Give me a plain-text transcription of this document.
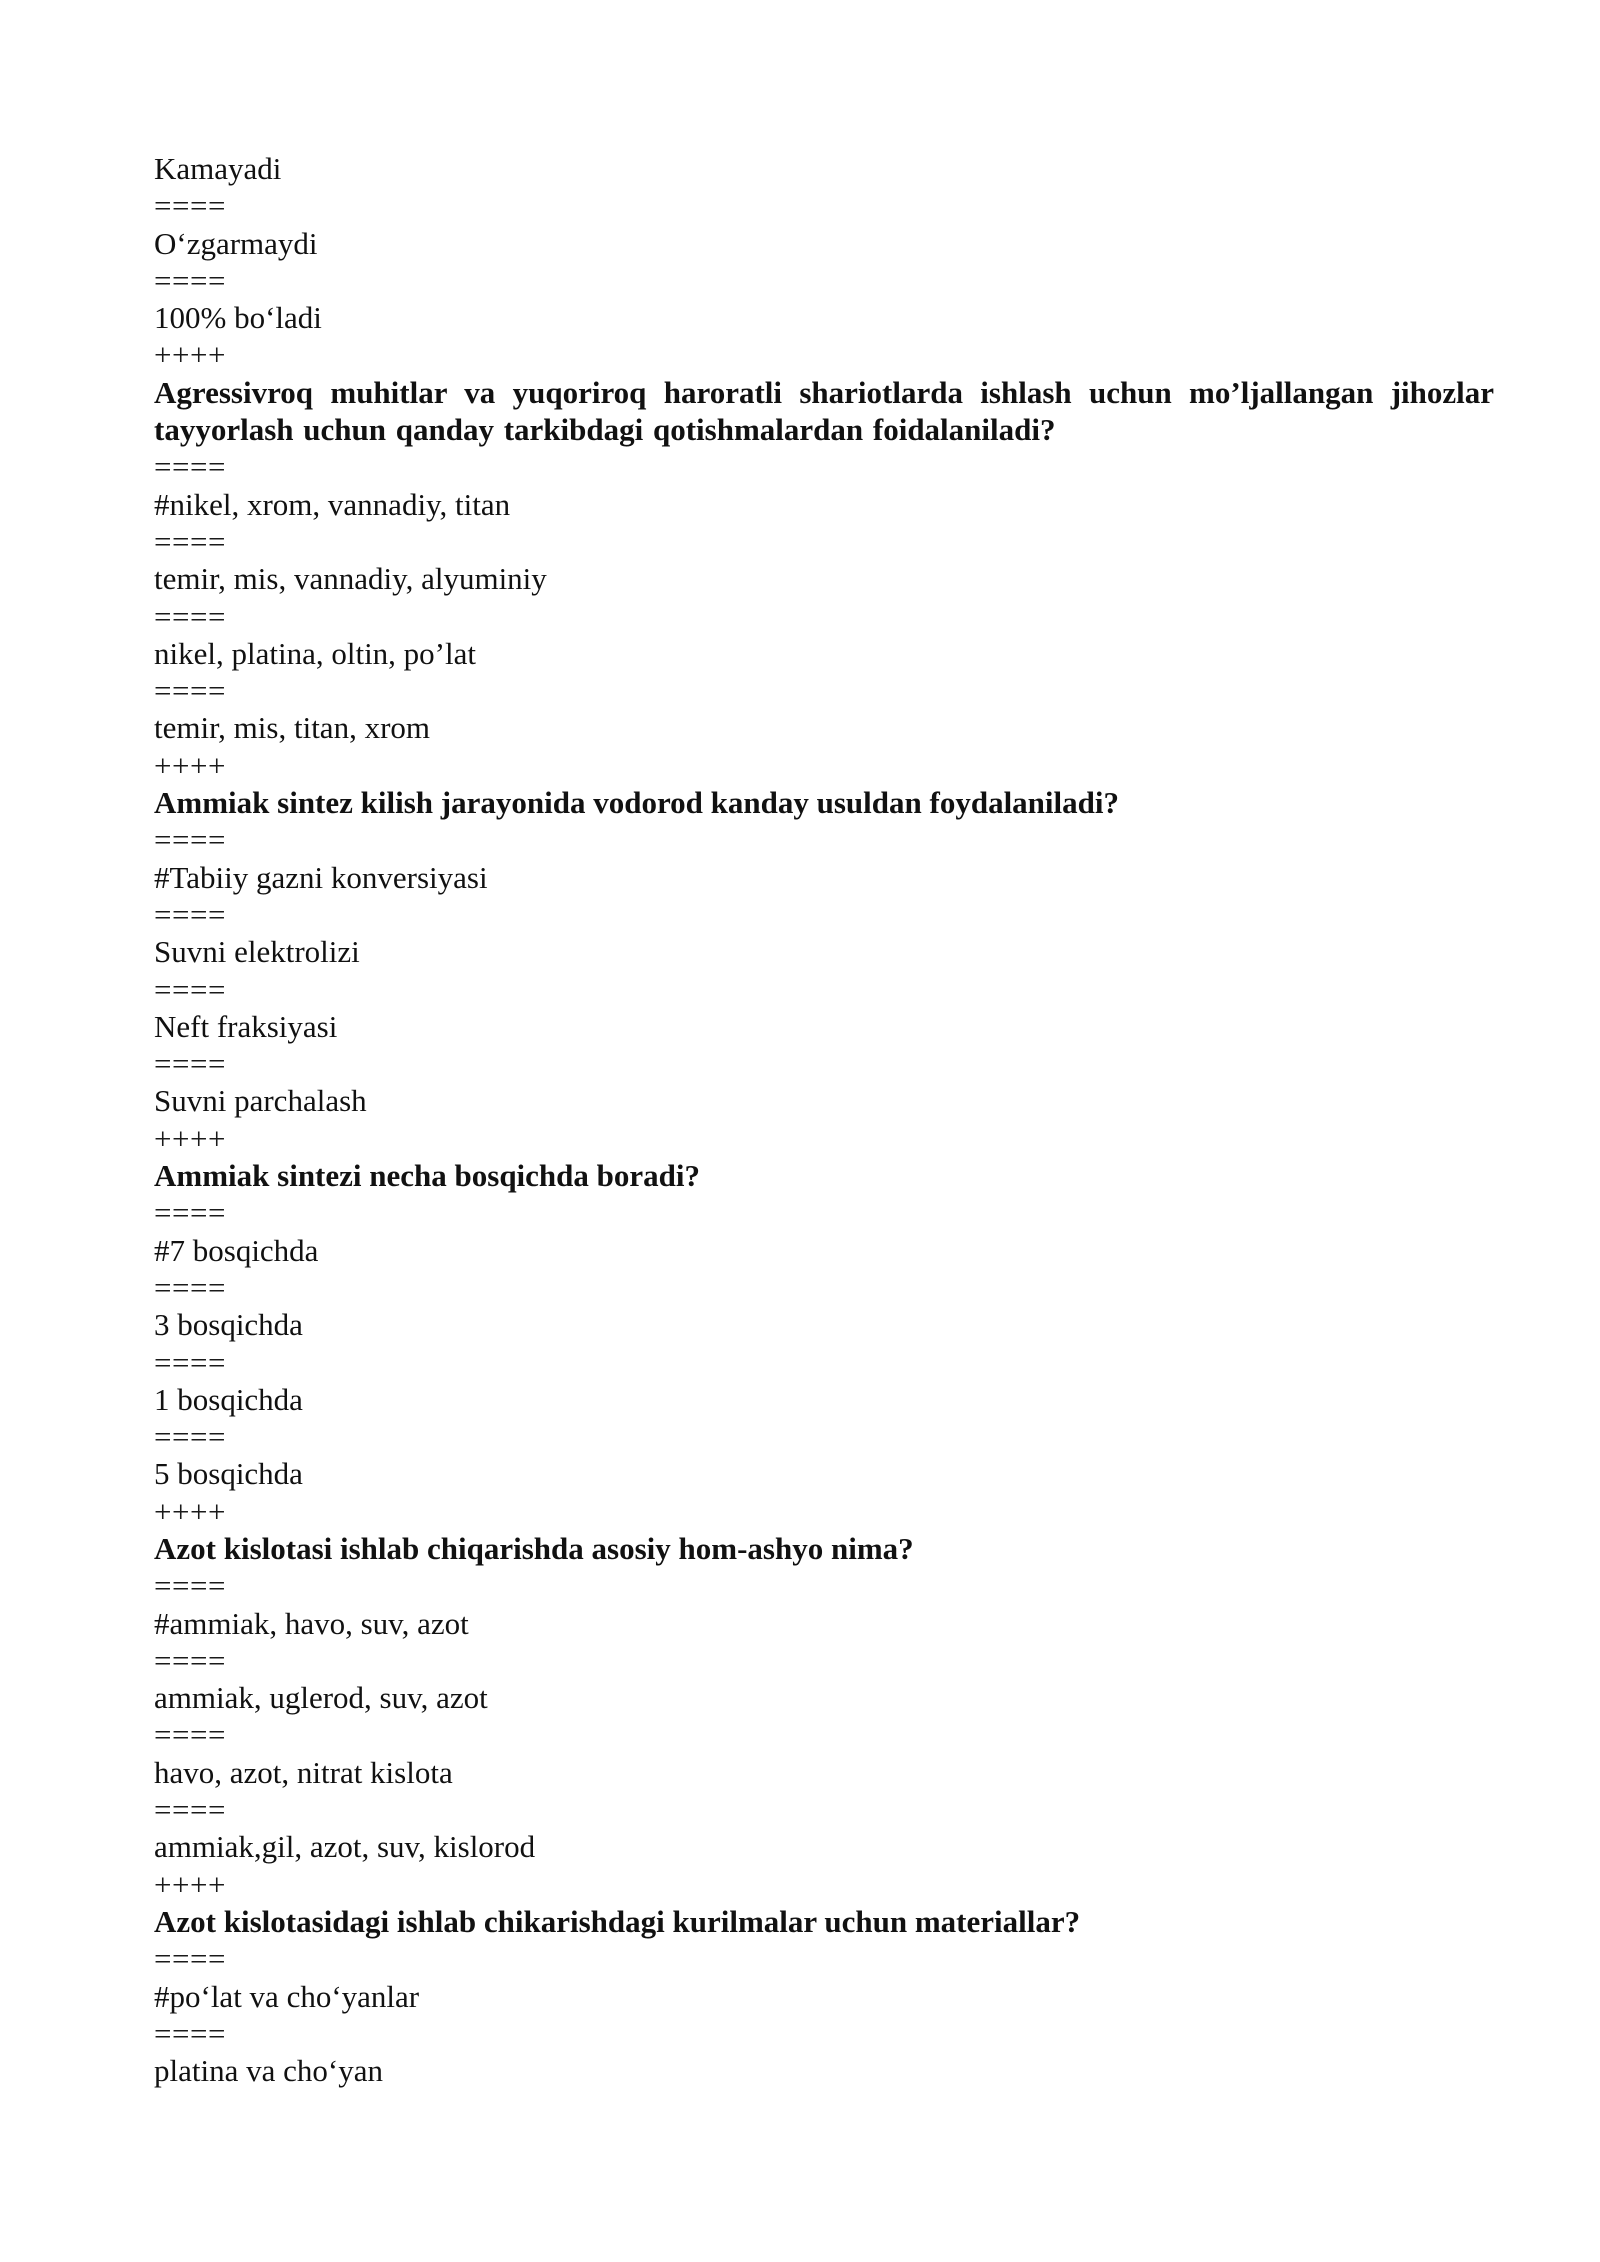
Kamayadi
====
O‘zgarmaydi
====
100% bo‘ladi
++++
Agressivroq muhitlar va yuqoriroq haroratli shariotlarda ishlash uchun mo’ljallangan jihozlar tayyorlash uchun qanday tarkibdagi qotishmalardan foidalaniladi?
====
#nikel, xrom, vannadiy, titan
====
temir, mis, vannadiy, alyuminiy
====
nikel, platina, oltin, po’lat
====
temir, mis, titan, xrom
++++
Ammiak sintez kilish jarayonida vodorod kanday usuldan foydalaniladi?
====
#Tabiiy gazni konversiyasi
====
Suvni elektrolizi
====
Neft fraksiyasi
====
Suvni parchalash
++++
Ammiak sintezi necha bosqichda boradi?
====
#7 bosqichda
====
3 bosqichda
====
1 bosqichda
====
5 bosqichda
++++
Azot kislotasi ishlab chiqarishda asosiy hom-ashyo nima?
====
#ammiak, havo, suv, azot
====
ammiak, uglerod, suv, azot
====
havo, azot, nitrat kislota
====
ammiak,gil, azot, suv, kislorod
++++
Azot kislotasidagi ishlab chikarishdagi kurilmalar uchun materiallar?
====
#po‘lat va cho‘yanlar
====
platina va cho‘yan
